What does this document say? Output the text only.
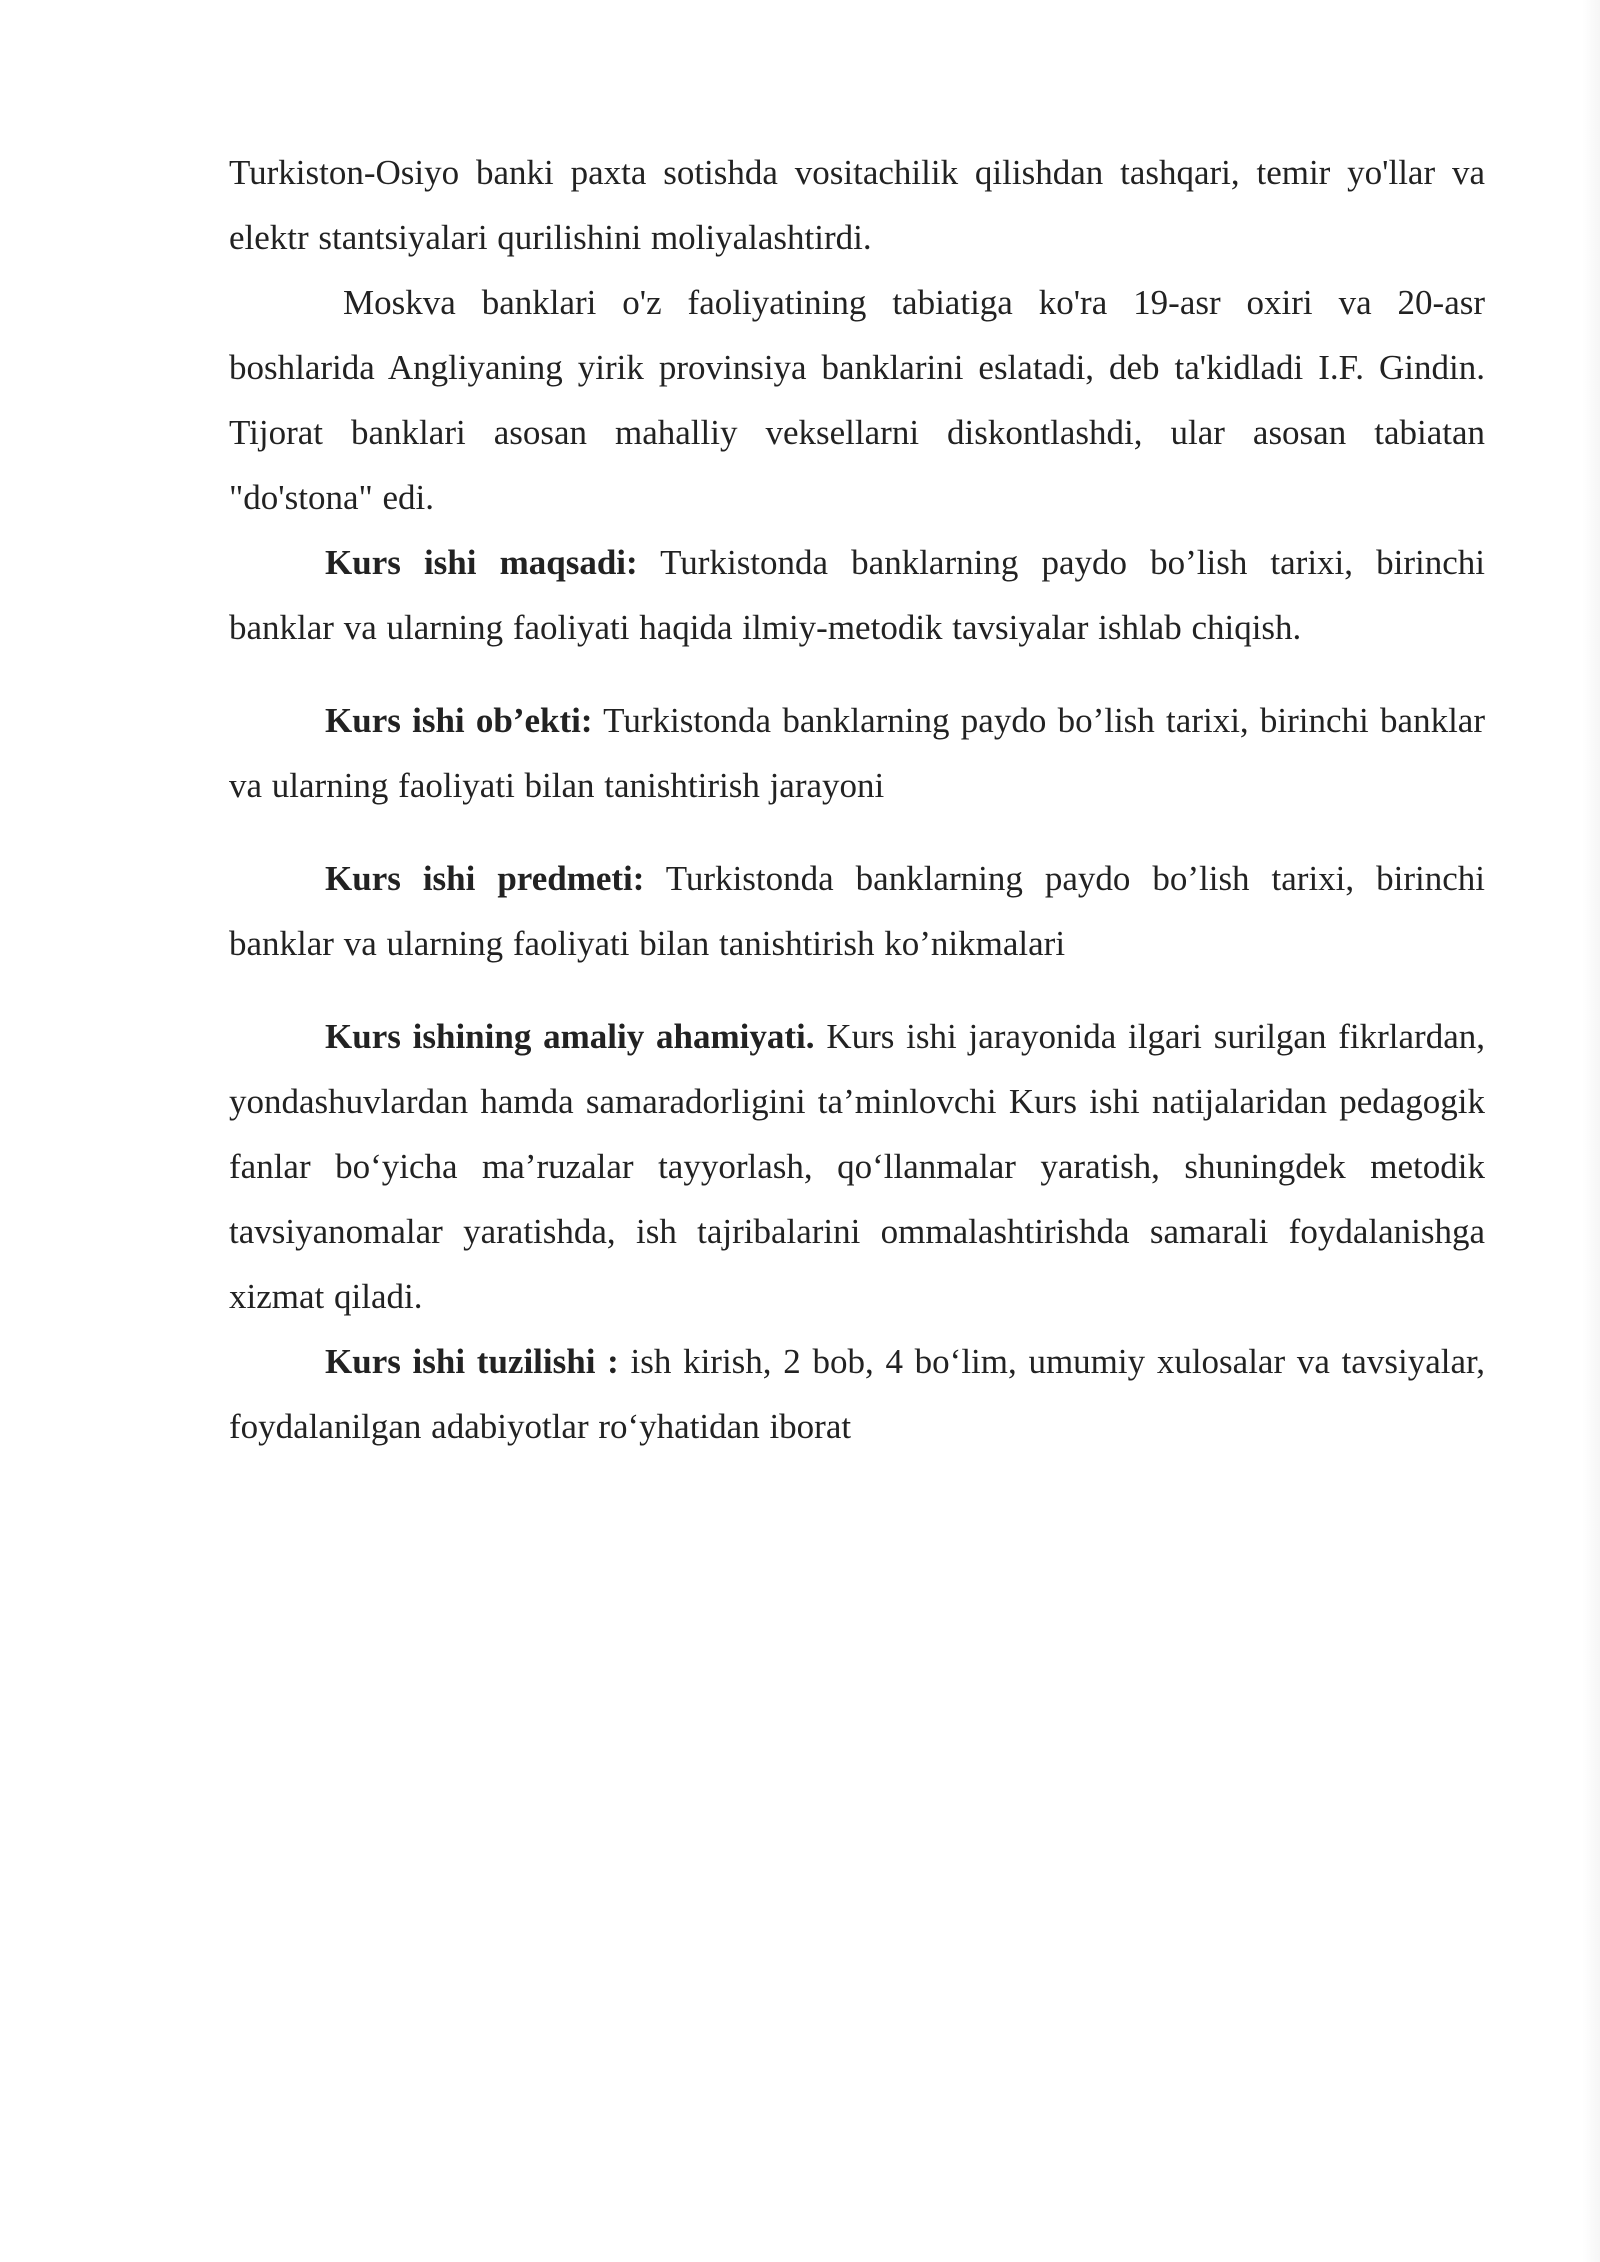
Turkiston-Osiyo banki paxta sotishda vositachilik qilishdan tashqari, temir yo'llar va elektr stantsiyalari qurilishini moliyalashtirdi.

Moskva banklari o'z faoliyatining tabiatiga ko'ra 19-asr oxiri va 20-asr boshlarida Angliyaning yirik provinsiya banklarini eslatadi, deb ta'kidladi I.F. Gindin. Tijorat banklari asosan mahalliy veksellarni diskontlashdi, ular asosan tabiatan "do'stona" edi.

Kurs ishi maqsadi: Turkistonda banklarning paydo bo’lish tarixi, birinchi banklar va ularning faoliyati haqida ilmiy-metodik tavsiyalar ishlab chiqish.

Kurs ishi ob’ekti: Turkistonda banklarning paydo bo’lish tarixi, birinchi banklar va ularning faoliyati bilan tanishtirish jarayoni

Kurs ishi predmeti: Turkistonda banklarning paydo bo’lish tarixi, birinchi banklar va ularning faoliyati bilan tanishtirish ko’nikmalari

Kurs ishining amaliy ahamiyati. Kurs ishi jarayonida ilgari surilgan fikrlardan, yondashuvlardan hamda samaradorligini ta’minlovchi Kurs ishi natijalaridan pedagogik fanlar bo‘yicha ma’ruzalar tayyorlash, qo‘llanmalar yaratish, shuningdek metodik tavsiyanomalar yaratishda, ish tajribalarini ommalashtirishda samarali foydalanishga xizmat qiladi.

Kurs ishi tuzilishi : ish kirish, 2 bob, 4 bo‘lim, umumiy xulosalar va tavsiyalar, foydalanilgan adabiyotlar ro‘yhatidan iborat
